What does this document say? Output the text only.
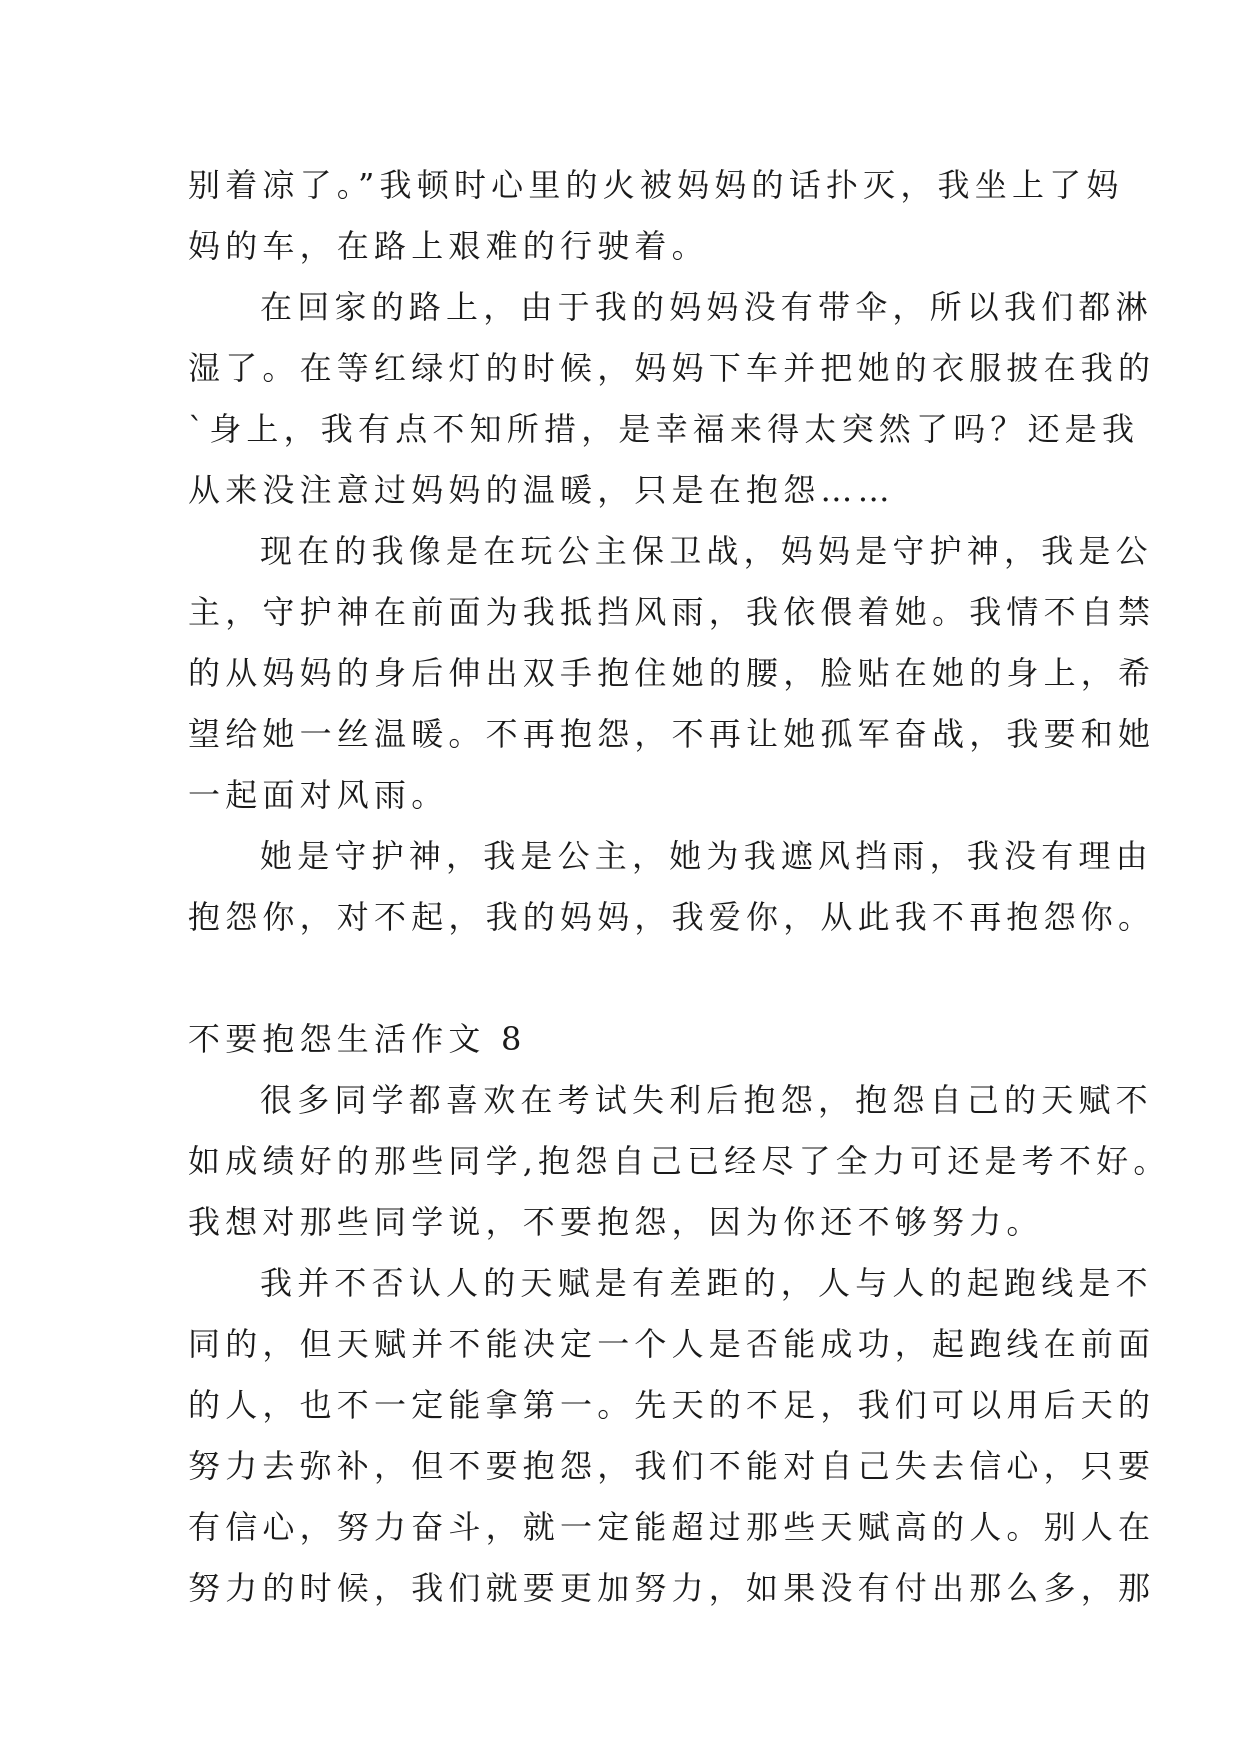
别着凉了。”我顿时心里的火被妈妈的话扑灭，我坐上了妈
妈的车，在路上艰难的行驶着。
在回家的路上，由于我的妈妈没有带伞，所以我们都淋
湿了。在等红绿灯的时候，妈妈下车并把她的衣服披在我的
`身上，我有点不知所措，是幸福来得太突然了吗？还是我
从来没注意过妈妈的温暖，只是在抱怨……
现在的我像是在玩公主保卫战，妈妈是守护神，我是公
主，守护神在前面为我抵挡风雨，我依偎着她。我情不自禁
的从妈妈的身后伸出双手抱住她的腰，脸贴在她的身上，希
望给她一丝温暖。不再抱怨，不再让她孤军奋战，我要和她
一起面对风雨。
她是守护神，我是公主，她为我遮风挡雨，我没有理由
抱怨你，对不起，我的妈妈，我爱你，从此我不再抱怨你。
不要抱怨生活作文 8
很多同学都喜欢在考试失利后抱怨，抱怨自己的天赋不
如成绩好的那些同学,抱怨自己已经尽了全力可还是考不好。
我想对那些同学说，不要抱怨，因为你还不够努力。
我并不否认人的天赋是有差距的，人与人的起跑线是不
同的，但天赋并不能决定一个人是否能成功，起跑线在前面
的人，也不一定能拿第一。先天的不足，我们可以用后天的
努力去弥补，但不要抱怨，我们不能对自己失去信心，只要
有信心，努力奋斗，就一定能超过那些天赋高的人。别人在
努力的时候，我们就要更加努力，如果没有付出那么多，那
